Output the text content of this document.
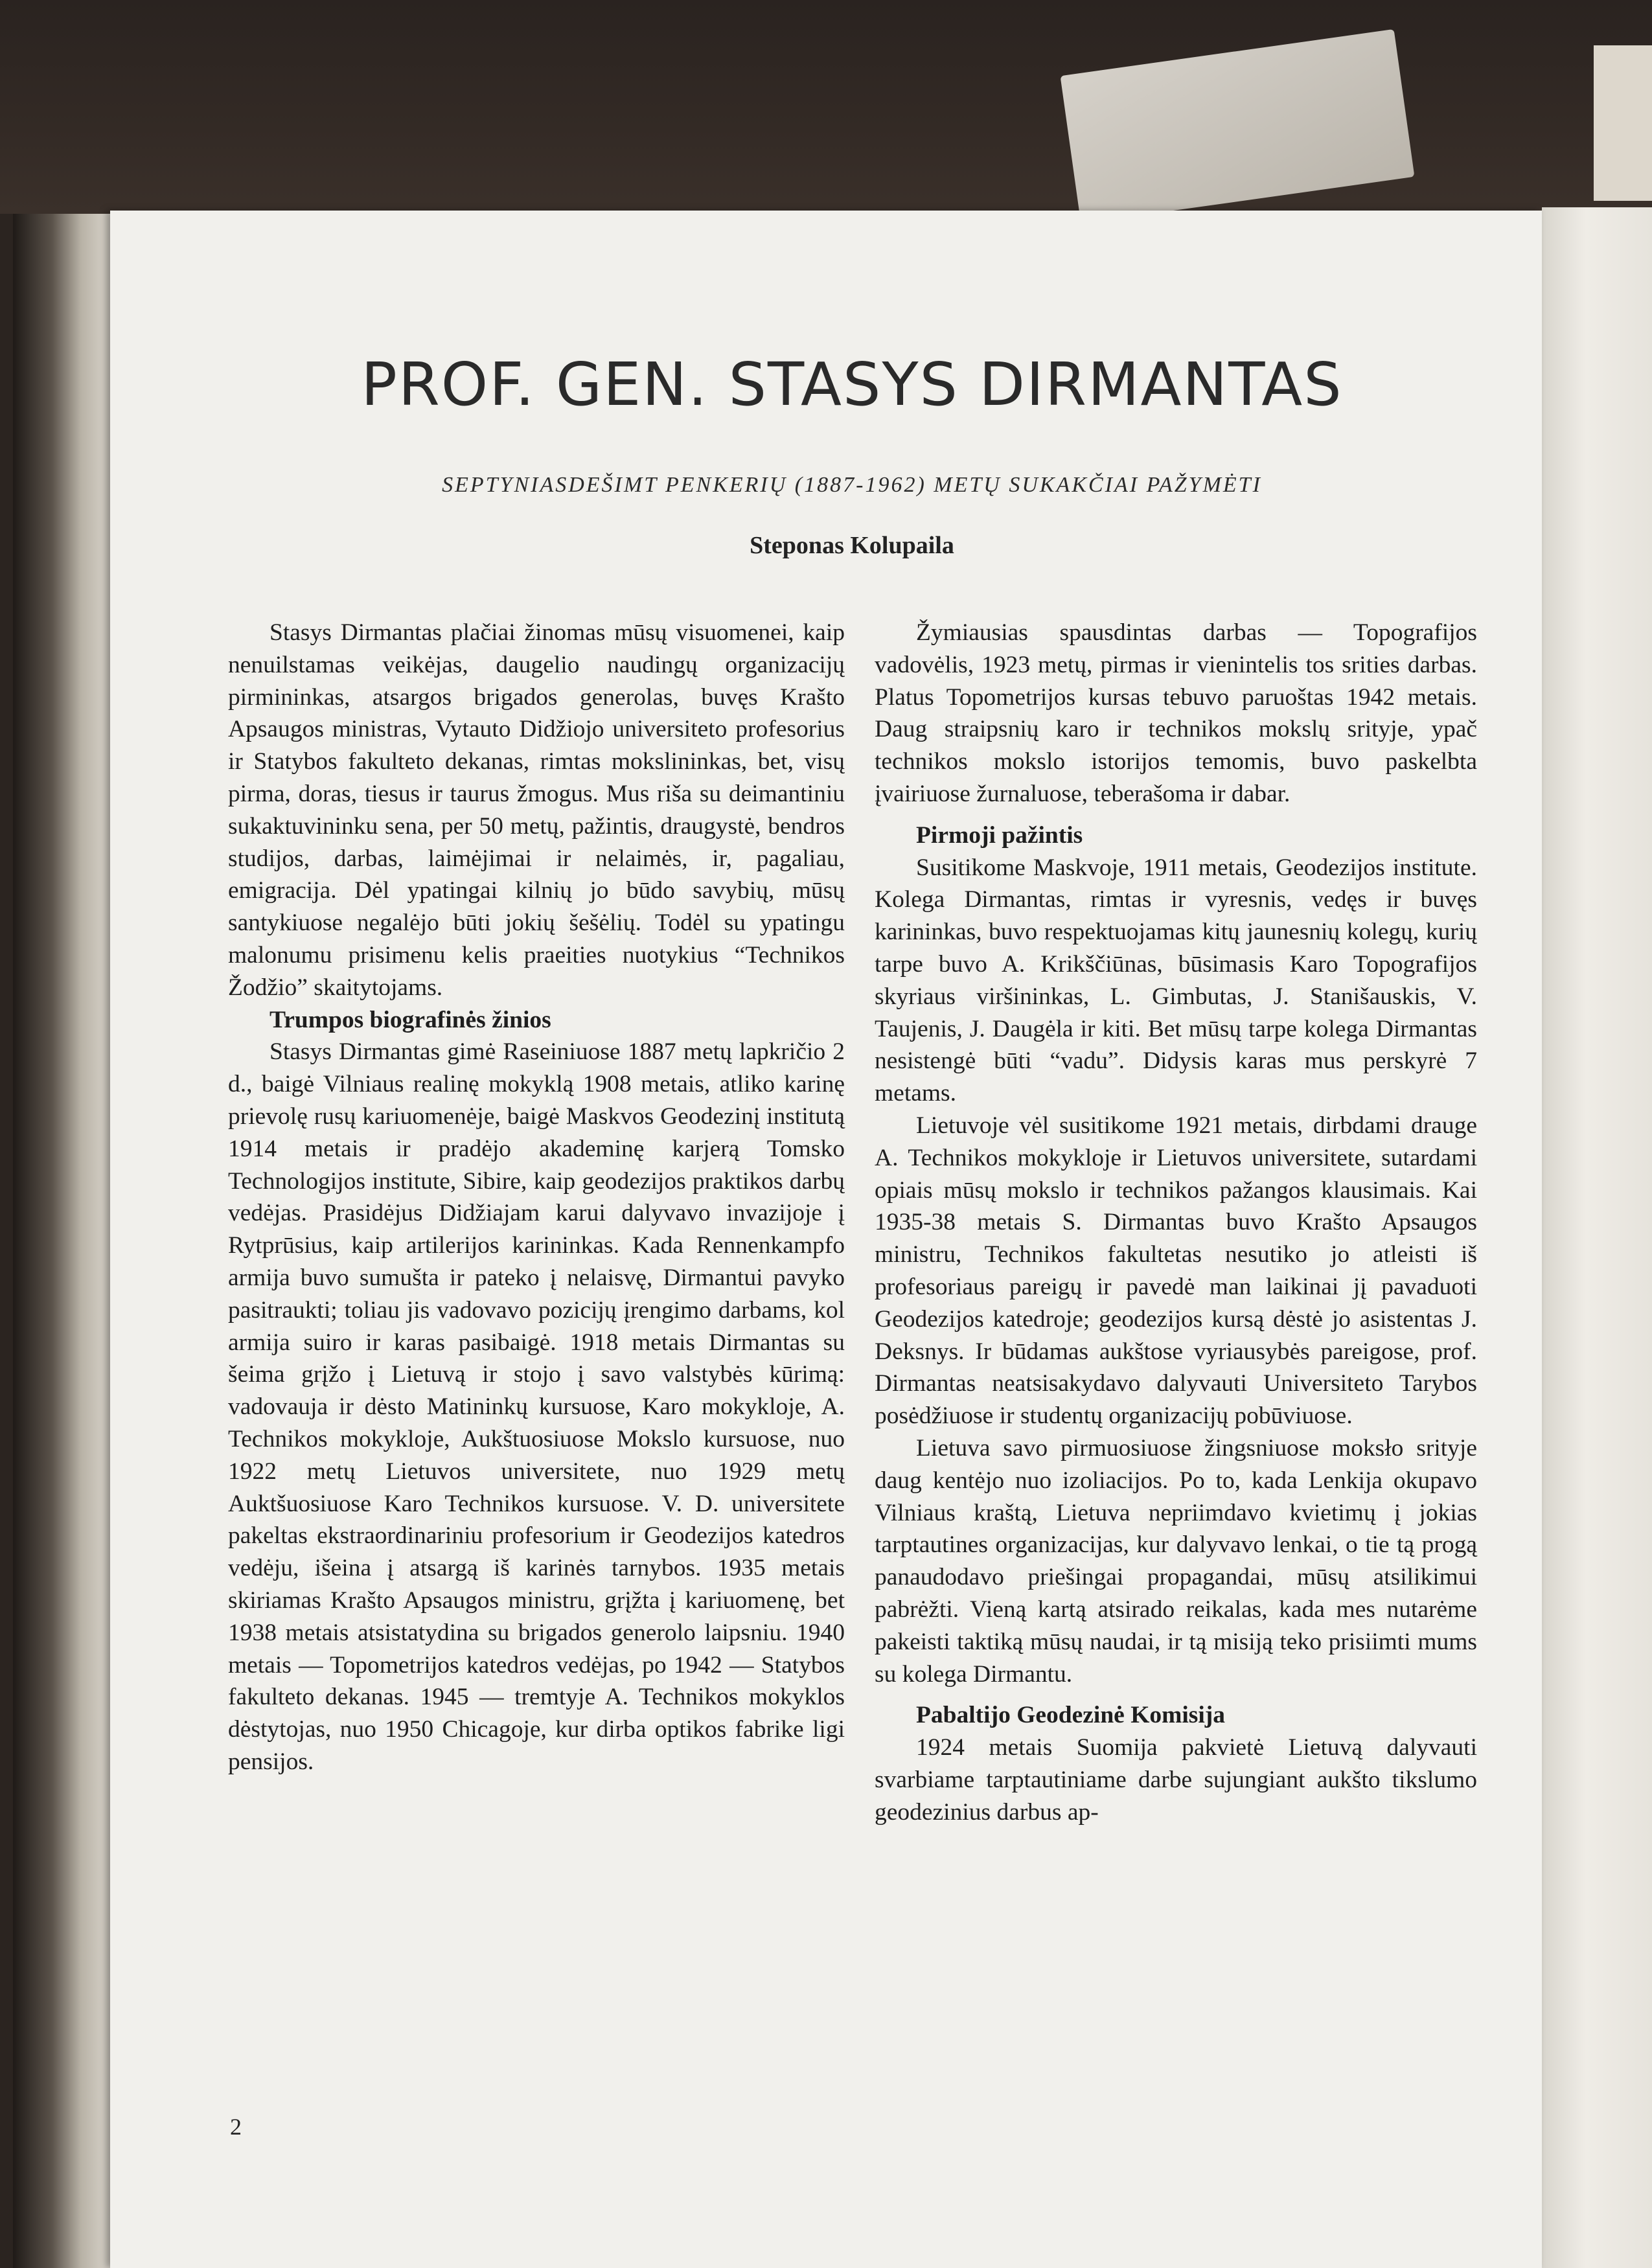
PROF. GEN. STASYS DIRMANTAS
SEPTYNIASDEŠIMT PENKERIŲ (1887-1962) METŲ SUKAKČIAI PAŽYMĖTI
Steponas Kolupaila

Stasys Dirmantas plačiai žinomas mūsų visuomenei, kaip nenuilstamas veikėjas, daugelio naudingų organizacijų pirmininkas, atsargos brigados generolas, buvęs Krašto Apsaugos ministras, Vytauto Didžiojo universiteto profesorius ir Statybos fakulteto dekanas, rimtas mokslininkas, bet, visų pirma, doras, tiesus ir taurus žmogus. Mus riša su deimantiniu sukaktuvininku sena, per 50 metų, pažintis, draugystė, bendros studijos, darbas, laimėjimai ir nelaimės, ir, pagaliau, emigracija. Dėl ypatingai kilnių jo būdo savybių, mūsų santykiuose negalėjo būti jokių šešėlių. Todėl su ypatingu malonumu prisimenu kelis praeities nuotykius “Technikos Žodžio” skaitytojams.

Trumpos biografinės žinios

Stasys Dirmantas gimė Raseiniuose 1887 metų lapkričio 2 d., baigė Vilniaus realinę mokyklą 1908 metais, atliko karinę prievolę rusų kariuomenėje, baigė Maskvos Geodezinį institutą 1914 metais ir pradėjo akademinę karjerą Tomsko Technologijos institute, Sibire, kaip geodezijos praktikos darbų vedėjas. Prasidėjus Didžiajam karui dalyvavo invazijoje į Rytprūsius, kaip artilerijos karininkas. Kada Rennenkampfo armija buvo sumušta ir pateko į nelaisvę, Dirmantui pavyko pasitraukti; toliau jis vadovavo pozicijų įrengimo darbams, kol armija suiro ir karas pasibaigė. 1918 metais Dirmantas su šeima grįžo į Lietuvą ir stojo į savo valstybės kūrimą: vadovauja ir dėsto Matininkų kursuose, Karo mokykloje, A. Technikos mokykloje, Aukštuosiuose Mokslo kursuose, nuo 1922 metų Lietuvos universitete, nuo 1929 metų Auktšuosiuose Karo Technikos kursuose. V. D. universitete pakeltas ekstraordinariniu profesorium ir Geodezijos katedros vedėju, išeina į atsargą iš karinės tarnybos. 1935 metais skiriamas Krašto Apsaugos ministru, grįžta į kariuomenę, bet 1938 metais atsistatydina su brigados generolo laipsniu. 1940 metais — Topometrijos katedros vedėjas, po 1942 — Statybos fakulteto dekanas. 1945 — tremtyje A. Technikos mokyklos dėstytojas, nuo 1950 Chicagoje, kur dirba optikos fabrike ligi pensijos.

Žymiausias spausdintas darbas — Topografijos vadovėlis, 1923 metų, pirmas ir vienintelis tos srities darbas. Platus Topometrijos kursas tebuvo paruoštas 1942 metais. Daug straipsnių karo ir technikos mokslų srityje, ypač technikos mokslo istorijos temomis, buvo paskelbta įvairiuose žurnaluose, teberašoma ir dabar.

Pirmoji pažintis

Susitikome Maskvoje, 1911 metais, Geodezijos institute. Kolega Dirmantas, rimtas ir vyresnis, vedęs ir buvęs karininkas, buvo respektuojamas kitų jaunesnių kolegų, kurių tarpe buvo A. Krikščiūnas, būsimasis Karo Topografijos skyriaus viršininkas, L. Gimbutas, J. Stanišauskis, V. Taujenis, J. Daugėla ir kiti. Bet mūsų tarpe kolega Dirmantas nesistengė būti “vadu”. Didysis karas mus perskyrė 7 metams.

Lietuvoje vėl susitikome 1921 metais, dirbdami drauge A. Technikos mokykloje ir Lietuvos universitete, sutardami opiais mūsų mokslo ir technikos pažangos klausimais. Kai 1935-38 metais S. Dirmantas buvo Krašto Apsaugos ministru, Technikos fakultetas nesutiko jo atleisti iš profesoriaus pareigų ir pavedė man laikinai jį pavaduoti Geodezijos katedroje; geodezijos kursą dėstė jo asistentas J. Deksnys. Ir būdamas aukštose vyriausybės pareigose, prof. Dirmantas neatsisakydavo dalyvauti Universiteto Tarybos posėdžiuose ir studentų organizacijų pobūviuose.

Lietuva savo pirmuosiuose žingsniuose moksło srityje daug kentėjo nuo izoliacijos. Po to, kada Lenkija okupavo Vilniaus kraštą, Lietuva nepriimdavo kvietimų į jokias tarptautines organizacijas, kur dalyvavo lenkai, o tie tą progą panaudodavo priešingai propagandai, mūsų atsilikimui pabrėžti. Vieną kartą atsirado reikalas, kada mes nutarėme pakeisti taktiką mūsų naudai, ir tą misiją teko prisiimti mums su kolega Dirmantu.

Pabaltijo Geodezinė Komisija

1924 metais Suomija pakvietė Lietuvą dalyvauti svarbiame tarptautiniame darbe sujungiant aukšto tikslumo geodezinius darbus ap-

2
